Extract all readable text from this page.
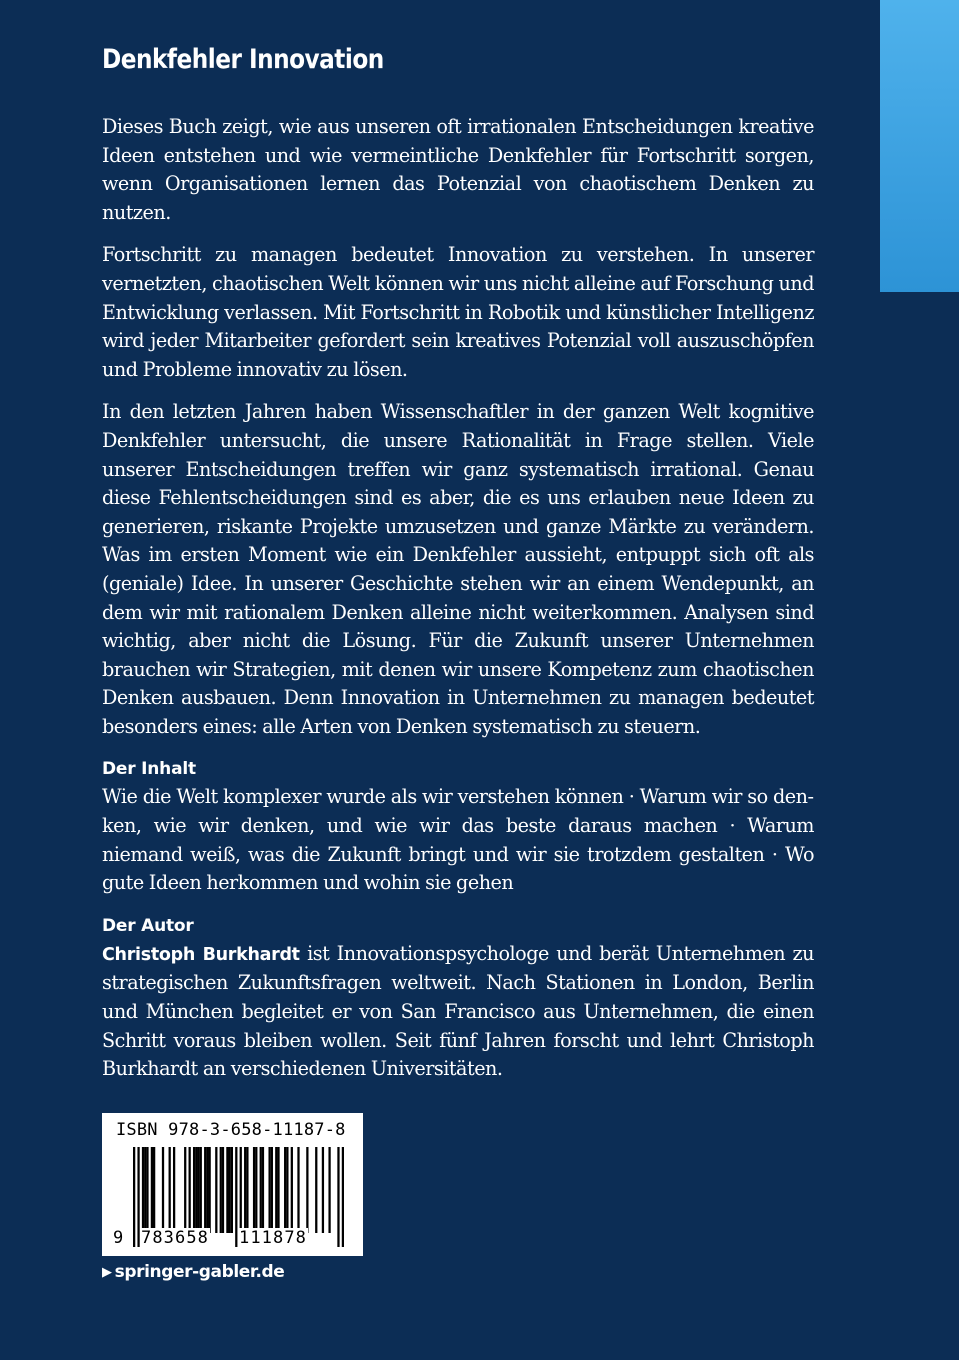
Denkfehler Innovation

Dieses Buch zeigt, wie aus unseren oft irrationalen Entscheidungen kreative Ideen entstehen und wie vermeintliche Denkfehler für Fortschritt sorgen, wenn Organisationen lernen das Potenzial von chaotischem Denken zu nutzen.

Fortschritt zu managen bedeutet Innovation zu verstehen. In unserer vernetzten, chaotischen Welt können wir uns nicht alleine auf Forschung und Entwicklung verlassen. Mit Fortschritt in Robotik und künstlicher Intelligenz wird jeder Mitarbeiter gefordert sein kreatives Potenzial voll auszuschöpfen und Probleme innovativ zu lösen.

In den letzten Jahren haben Wissenschaftler in der ganzen Welt kognitive Denkfehler untersucht, die unsere Rationalität in Frage stellen. Viele unserer Entscheidungen treffen wir ganz systematisch irrational. Genau diese Fehlentscheidungen sind es aber, die es uns erlauben neue Ideen zu generieren, riskante Projekte umzusetzen und ganze Märkte zu verändern. Was im ersten Moment wie ein Denkfehler aussieht, entpuppt sich oft als (geniale) Idee. In unserer Geschichte stehen wir an einem Wendepunkt, an dem wir mit rationalem Denken alleine nicht weiterkommen. Analysen sind wichtig, aber nicht die Lösung. Für die Zukunft unserer Unternehmen brauchen wir Strategien, mit denen wir unsere Kompetenz zum chaotischen Denken ausbauen. Denn Innovation in Unternehmen zu managen bedeutet besonders eines: alle Arten von Denken systematisch zu steuern.

Der Inhalt

Wie die Welt komplexer wurde als wir verstehen können · Warum wir so denken, wie wir denken, und wie wir das beste daraus machen · Warum niemand weiß, was die Zukunft bringt und wir sie trotzdem gestalten · Wo gute Ideen herkommen und wohin sie gehen

Der Autor

Christoph Burkhardt ist Innovationspsychologe und berät Unternehmen zu strategischen Zukunftsfragen weltweit. Nach Stationen in London, Berlin und München begleitet er von San Francisco aus Unternehmen, die einen Schritt voraus bleiben wollen. Seit fünf Jahren forscht und lehrt Christoph Burkhardt an verschiedenen Universitäten.

ISBN 978-3-658-11187-8
9 783658 111878
▶ springer-gabler.de
